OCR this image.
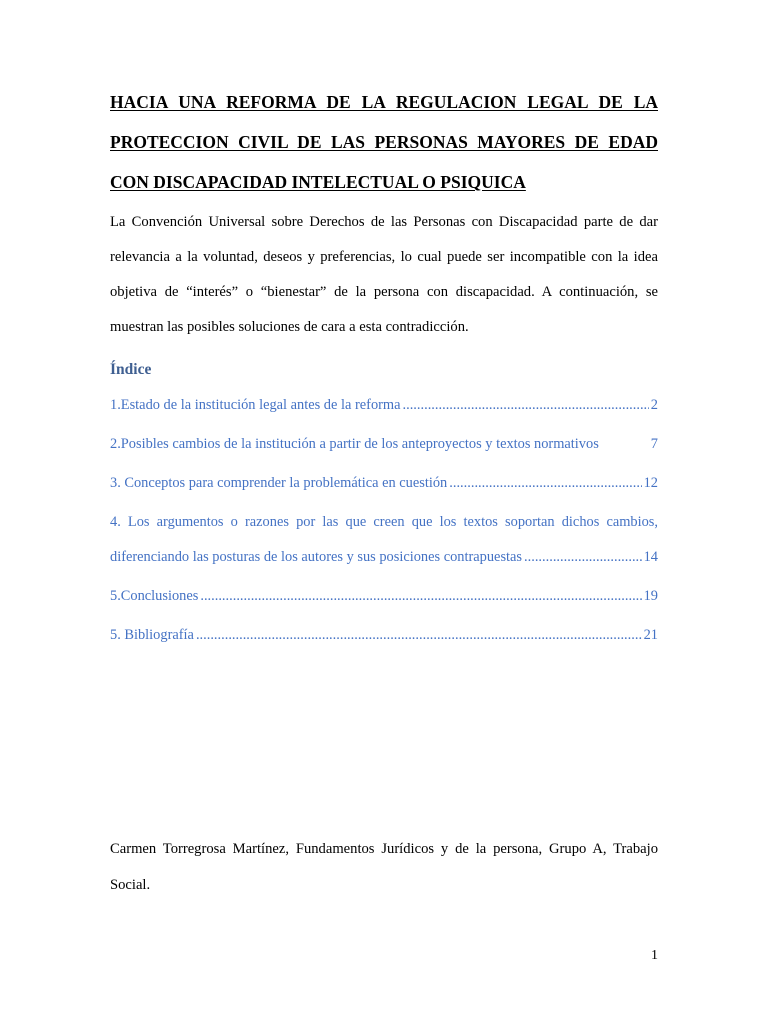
HACIA UNA REFORMA DE LA REGULACION LEGAL DE LA
PROTECCION CIVIL DE LAS PERSONAS MAYORES DE EDAD
CON DISCAPACIDAD INTELECTUAL O PSIQUICA

La Convención Universal sobre Derechos de las Personas con Discapacidad parte de dar
relevancia a la voluntad, deseos y preferencias, lo cual puede ser incompatible con la idea
objetiva de “interés” o “bienestar” de la persona con discapacidad. A continuación, se
muestran las posibles soluciones de cara a esta contradicción.

Índice
1.Estado de la institución legal antes de la reforma .....	2
2.Posibles cambios de la institución a partir de los anteproyectos y textos normativos	7
3. Conceptos para comprender la problemática en cuestión .....	12
4. Los argumentos o razones por las que creen que los textos soportan dichos cambios,
diferenciando las posturas de los autores y sus posiciones contrapuestas .....	14
5.Conclusiones .....	19
5. Bibliografía .....	21

Carmen Torregrosa Martínez, Fundamentos Jurídicos y de la persona, Grupo A, Trabajo
Social.

1
